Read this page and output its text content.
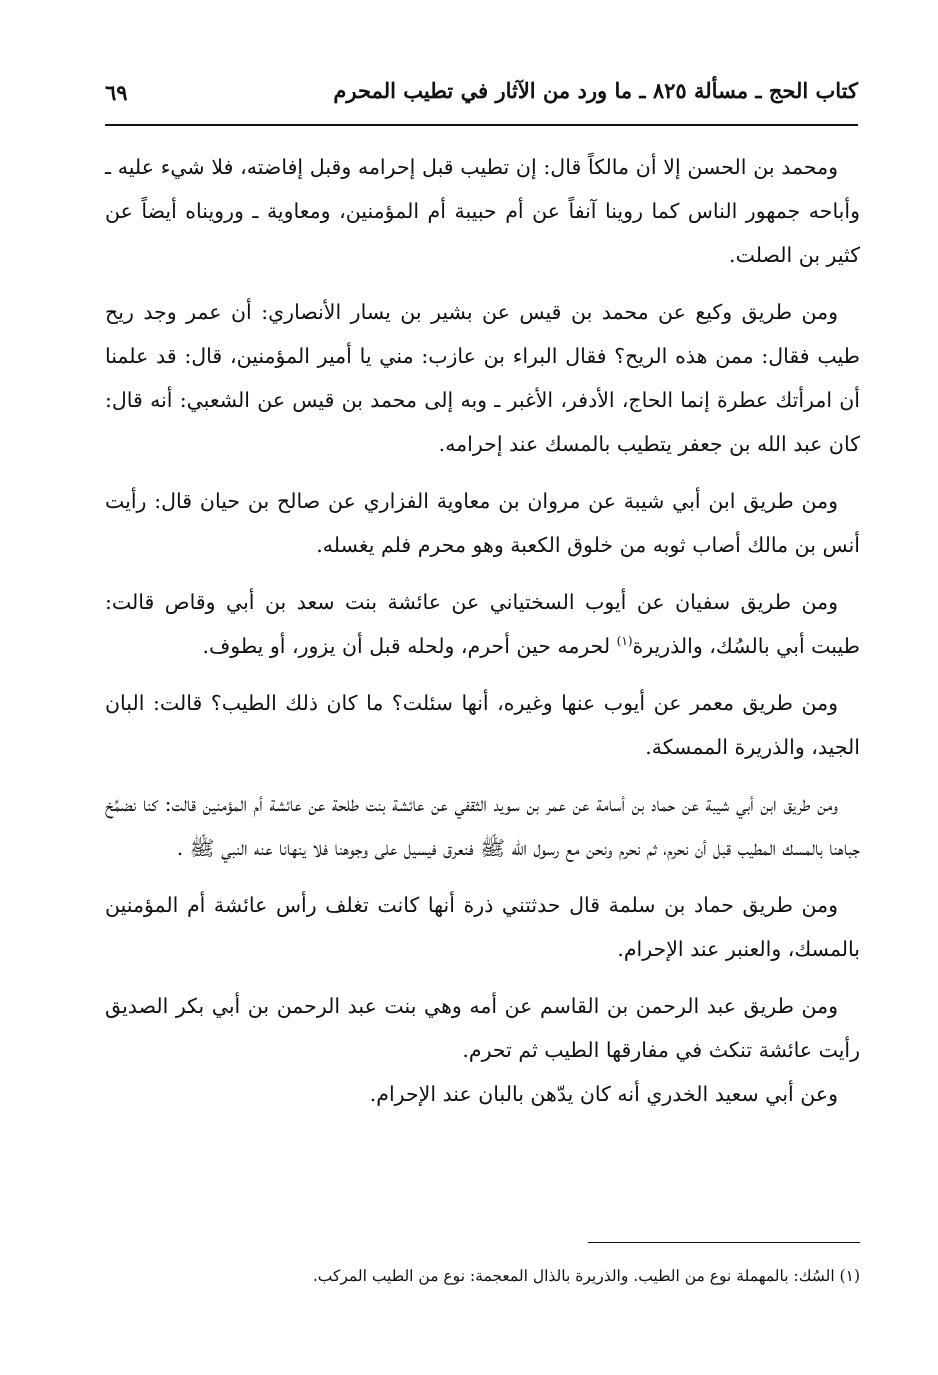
كتاب الحج ـ مسألة ٨٢٥ ـ ما ورد من الآثار في تطيب المحرم
٦٩

ومحمد بن الحسن إلا أن مالكاً قال: إن تطيب قبل إحرامه وقبل إفاضته، فلا شيء عليه ـ وأباحه جمهور الناس كما روينا آنفاً عن أم حبيبة أم المؤمنين، ومعاوية ـ ورويناه أيضاً عن كثير بن الصلت.

ومن طريق وكيع عن محمد بن قيس عن بشير بن يسار الأنصاري: أن عمر وجد ريح طيب فقال: ممن هذه الريح؟ فقال البراء بن عازب: مني يا أمير المؤمنين، قال: قد علمنا أن امرأتك عطرة إنما الحاج، الأدفر، الأغبر ـ وبه إلى محمد بن قيس عن الشعبي: أنه قال: كان عبد الله بن جعفر يتطيب بالمسك عند إحرامه.

ومن طريق ابن أبي شيبة عن مروان بن معاوية الفزاري عن صالح بن حيان قال: رأيت أنس بن مالك أصاب ثوبه من خلوق الكعبة وهو محرم فلم يغسله.

ومن طريق سفيان عن أيوب السختياني عن عائشة بنت سعد بن أبي وقاص قالت: طيبت أبي بالسُك، والذريرة$^{(١)}$ لحرمه حين أحرم، ولحله قبل أن يزور، أو يطوف.

ومن طريق معمر عن أيوب عنها وغيره، أنها سئلت؟ ما كان ذلك الطيب؟ قالت: البان الجيد، والذريرة الممسكة.

ومن طريق ابن أبي شيبة عن حماد بن أسامة عن عمر بن سويد الثقفي عن عائشة بنت طلحة عن عائشة أم المؤمنين قالت: كنا نضمِّخ جباهنا بالمسك المطيب قبل أن نحرم، ثم نحرم ونحن مع رسول الله ﷺ فنعرق فيسيل على وجوهنا فلا ينهانا عنه النبي ﷺ .

ومن طريق حماد بن سلمة قال حدثتني ذرة أنها كانت تغلف رأس عائشة أم المؤمنين بالمسك، والعنبر عند الإحرام.

ومن طريق عبد الرحمن بن القاسم عن أمه وهي بنت عبد الرحمن بن أبي بكر الصديق رأيت عائشة تنكث في مفارقها الطيب ثم تحرم.

وعن أبي سعيد الخدري أنه كان يدّهن بالبان عند الإحرام.

(١) السُك: بالمهملة نوع من الطيب. والذريرة بالذال المعجمة: نوع من الطيب المركب.
